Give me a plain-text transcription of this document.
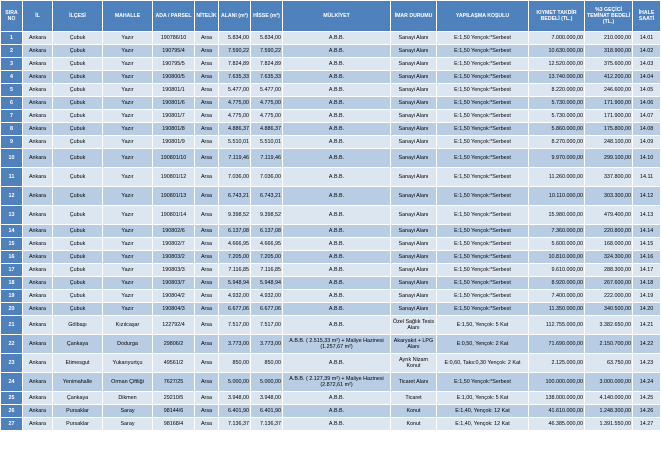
SIRA NO	İL	İLÇESİ	MAHALLE	ADA / PARSEL	NİTELİK	ALANI (m²)	HİSSE (m²)	MÜLKİYET	İMAR DURUMU	YAPILAŞMA KOŞULU	KIYMET TAKDİR BEDELİ (TL.)	%3 GEÇİCİ TEMİNAT BEDELİ (TL.)	İHALE SAATİ
1	Ankara	Çubuk	Yazır	190786/10	Arsa	5.834,00	5.834,00	A.B.B.	Sanayi Alanı	E:1,50 Yençok:*Serbest	7.000.000,00	210.000,00	14.01
2	Ankara	Çubuk	Yazır	190795/4	Arsa	7.590,22	7.590,22	A.B.B.	Sanayi Alanı	E:1,50 Yençok:*Serbest	10.630.000,00	318.900,00	14.02
3	Ankara	Çubuk	Yazır	190795/5	Arsa	7.824,89	7.824,89	A.B.B.	Sanayi Alanı	E:1,50 Yençok:*Serbest	12.520.000,00	375.600,00	14.03
4	Ankara	Çubuk	Yazır	190800/5	Arsa	7.635,33	7.635,33	A.B.B.	Sanayi Alanı	E:1,50 Yençok:*Serbest	13.740.000,00	412.200,00	14.04
5	Ankara	Çubuk	Yazır	190801/1	Arsa	5.477,00	5.477,00	A.B.B.	Sanayi Alanı	E:1,50 Yençok:*Serbest	8.220.000,00	246.600,00	14.05
6	Ankara	Çubuk	Yazır	190801/6	Arsa	4.775,00	4.775,00	A.B.B.	Sanayi Alanı	E:1,50 Yençok:*Serbest	5.730.000,00	171.900,00	14.06
7	Ankara	Çubuk	Yazır	190801/7	Arsa	4.775,00	4.775,00	A.B.B.	Sanayi Alanı	E:1,50 Yençok:*Serbest	5.730.000,00	171.900,00	14.07
8	Ankara	Çubuk	Yazır	190801/8	Arsa	4.886,37	4.886,37	A.B.B.	Sanayi Alanı	E:1,50 Yençok:*Serbest	5.860.000,00	175.800,00	14.08
9	Ankara	Çubuk	Yazır	190801/9	Arsa	5.510,01	5.510,01	A.B.B.	Sanayi Alanı	E:1,50 Yençok:*Serbest	8.270.000,00	248.100,00	14.09
10	Ankara	Çubuk	Yazır	190801/10	Arsa	7.119,46	7.119,46	A.B.B.	Sanayi Alanı	E:1,50 Yençok:*Serbest	9.970.000,00	299.100,00	14.10
11	Ankara	Çubuk	Yazır	190801/12	Arsa	7.036,00	7.036,00	A.B.B.	Sanayi Alanı	E:1,50 Yençok:*Serbest	11.260.000,00	337.800,00	14.11
12	Ankara	Çubuk	Yazır	190801/13	Arsa	6.743,21	6.743,21	A.B.B.	Sanayi Alanı	E:1,50 Yençok:*Serbest	10.110.000,00	303.300,00	14.12
13	Ankara	Çubuk	Yazır	190801/14	Arsa	9.398,52	9.398,52	A.B.B.	Sanayi Alanı	E:1,50 Yençok:*Serbest	15.980.000,00	479.400,00	14.13
14	Ankara	Çubuk	Yazır	190802/6	Arsa	6.137,08	6.137,08	A.B.B.	Sanayi Alanı	E:1,50 Yençok:*Serbest	7.360.000,00	220.800,00	14.14
15	Ankara	Çubuk	Yazır	190802/7	Arsa	4.666,95	4.666,95	A.B.B.	Sanayi Alanı	E:1,50 Yençok:*Serbest	5.600.000,00	168.000,00	14.15
16	Ankara	Çubuk	Yazır	190803/2	Arsa	7.205,00	7.205,00	A.B.B.	Sanayi Alanı	E:1,50 Yençok:*Serbest	10.810.000,00	324.300,00	14.16
17	Ankara	Çubuk	Yazır	190803/3	Arsa	7.116,85	7.116,85	A.B.B.	Sanayi Alanı	E:1,50 Yençok:*Serbest	9.610.000,00	288.300,00	14.17
18	Ankara	Çubuk	Yazır	190803/7	Arsa	5.948,94	5.948,94	A.B.B.	Sanayi Alanı	E:1,50 Yençok:*Serbest	8.920.000,00	267.600,00	14.18
19	Ankara	Çubuk	Yazır	190804/2	Arsa	4.932,00	4.932,00	A.B.B.	Sanayi Alanı	E:1,50 Yençok:*Serbest	7.400.000,00	222.000,00	14.19
20	Ankara	Çubuk	Yazır	190804/3	Arsa	6.677,06	6.677,06	A.B.B.	Sanayi Alanı	E:1,50 Yençok:*Serbest	11.350.000,00	340.500,00	14.20
21	Ankara	Gölbaşı	Kızılcaşar	122792/4	Arsa	7.517,00	7.517,00	A.B.B.	Özel Sağlık Tesis Alanı	E:1,50, Yençok: 5 Kat	112.755.000,00	3.382.650,00	14.21
22	Ankara	Çankaya	Dodurga	29806/2	Arsa	3.773,00	3.773,00	A.B.B. ( 2.515,33 m²) + Maliye Hazinesi (1.257,67 m²)	Akaryakıt + LPG Alanı	E:0,50, Yençok: 2 Kat	71.690.000,00	2.150.700,00	14.22
23	Ankara	Etimesgut	Yukarıyurtçu	49561/2	Arsa	850,00	850,00	A.B.B.	Ayrık Nizam Konut	E:0,60, Taks:0,30 Yençok: 2 Kat	2.125.000,00	63.750,00	14.23
24	Ankara	Yenimahalle	Orman Çiftliği	7627/25	Arsa	5.000,00	5.000,00	A.B.B. ( 2.127,39 m²) + Maliye Hazinesi (2.872,61 m²)	Ticaret Alanı	E:1,50 Yençok:*Serbest	100.000.000,00	3.000.000,00	14.24
25	Ankara	Çankaya	Dikmen	29210/5	Arsa	3.948,00	3.948,00	A.B.B.	Ticaret	E:1,00, Yençok: 5 Kat	138.000.000,00	4.140.000,00	14.25
26	Ankara	Pursaklar	Saray	98144/6	Arsa	6.401,90	6.401,90	A.B.B.	Konut	E:1,40, Yençok: 12 Kat	41.610.000,00	1.248.300,00	14.26
27	Ankara	Pursaklar	Saray	98168/4	Arsa	7.136,37	7.136,37	A.B.B.	Konut	E:1,40, Yençok: 12 Kat	46.385.000,00	1.391.550,00	14.27
